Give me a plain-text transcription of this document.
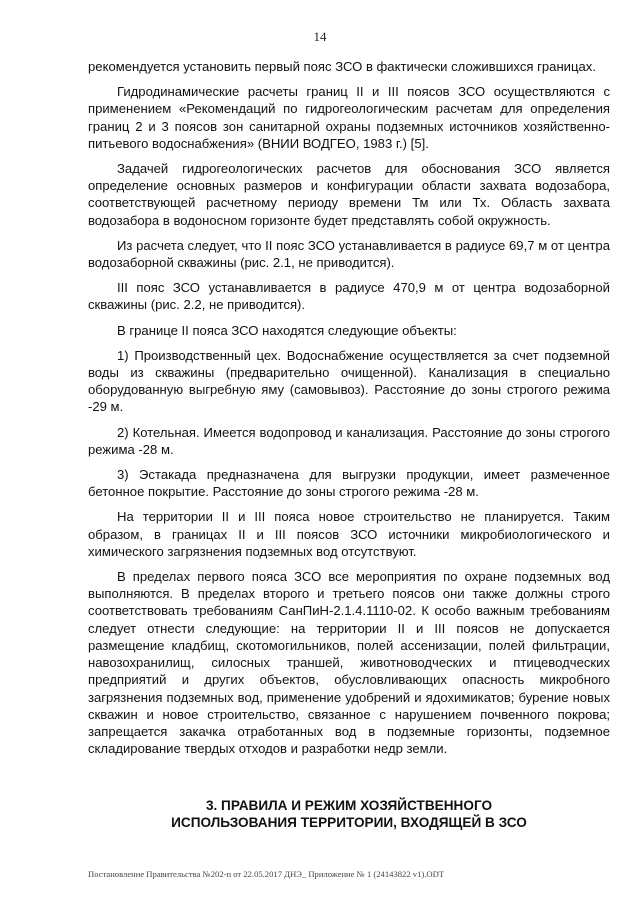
14

рекомендуется установить первый пояс ЗСО в фактически сложившихся границах.

Гидродинамические расчеты границ II и III поясов ЗСО осуществляются с применением «Рекомендаций по гидрогеологическим расчетам для определения границ 2 и 3 поясов зон санитарной охраны подземных источников хозяйственно-питьевого водоснабжения» (ВНИИ ВОДГЕО, 1983 г.) [5].

Задачей гидрогеологических расчетов для обоснования ЗСО является определение основных размеров и конфигурации области захвата водозабора, соответствующей расчетному периоду времени Тм или Тх. Область захвата водозабора в водоносном горизонте будет представлять собой окружность.

Из расчета следует, что II пояс ЗСО устанавливается в радиусе 69,7 м от центра водозаборной скважины (рис. 2.1, не приводится).

III пояс ЗСО устанавливается в радиусе 470,9 м от центра водозаборной скважины (рис. 2.2, не приводится).

В границе II пояса ЗСО находятся следующие объекты:

1) Производственный цех. Водоснабжение осуществляется за счет подземной воды из скважины (предварительно очищенной). Канализация в специально оборудованную выгребную яму (самовывоз). Расстояние до зоны строгого режима -29 м.

2) Котельная. Имеется водопровод и канализация. Расстояние до зоны строгого режима -28 м.

3) Эстакада предназначена для выгрузки продукции, имеет размеченное бетонное покрытие. Расстояние до зоны строгого режима -28 м.

На территории II и III пояса новое строительство не планируется. Таким образом, в границах II и III поясов ЗСО источники микробиологического и химического загрязнения подземных вод отсутствуют.

В пределах первого пояса ЗСО все мероприятия по охране подземных вод выполняются. В пределах второго и третьего поясов они также должны строго соответствовать требованиям СанПиН-2.1.4.1110-02. К особо важным требованиям следует отнести следующие: на территории II и III поясов не допускается размещение кладбищ, скотомогильников, полей ассенизации, полей фильтрации, навозохранилищ, силосных траншей, животноводческих и птицеводческих предприятий и других объектов, обусловливающих опасность микробного загрязнения подземных вод, применение удобрений и ядохимикатов; бурение новых скважин и новое строительство, связанное с нарушением почвенного покрова; запрещается закачка отработанных вод в подземные горизонты, подземное складирование твердых отходов и разработки недр земли.

3. ПРАВИЛА И РЕЖИМ ХОЗЯЙСТВЕННОГО
ИСПОЛЬЗОВАНИЯ ТЕРРИТОРИИ, ВХОДЯЩЕЙ В ЗСО
Постановление Правительства №202-п от 22.05.2017 ДНЭ_ Приложение № 1 (24143822 v1).ODT
